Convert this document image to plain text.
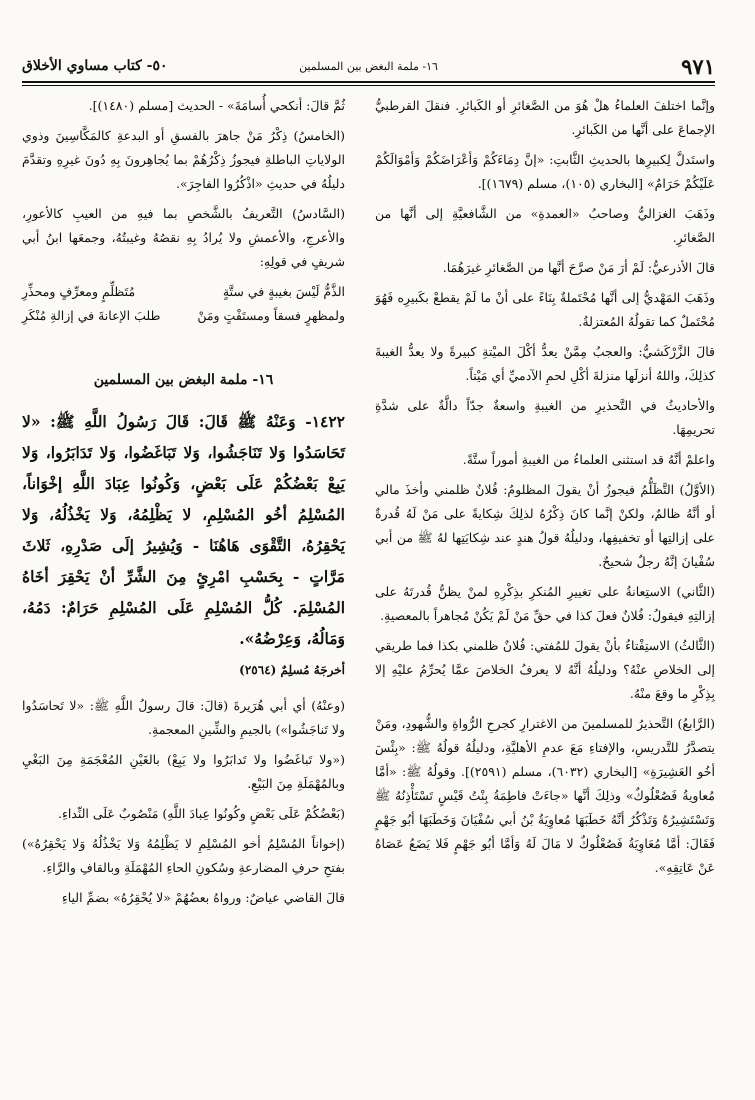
٩٧١
١٦- ملمة البغض بين المسلمين
٥٠- كتاب مساوي الأخلاق

وإنَّما اختلفَ العلماءُ هلْ هُوَ من الصَّغائرِ أو الكَبائرِ. فنقلَ القرطبيُّ الإجماعَ على أنَّها من الكَبائرِ.

واستَدلَّ لِكبيرِها بالحديثِ الثَّابتِ: «إنَّ دِمَاءَكُمْ وَأعْرَاضَكُمْ وَأمْوَالَكُمْ عَلَيْكُمْ حَرَامٌ» [البخاري (١٠٥)، مسلم (١٦٧٩)].

وذَهَبَ الغزاليُّ وصاحبُ «العمدةِ» من الشَّافعيَّةِ إلى أنَّها من الصَّغائرِ.

قالَ الأذرعيُّ: لَمْ أرَ مَنْ صرَّحَ أنَّها من الصَّغائرِ غيرَهُمَا.

وذَهَبَ المَهْديُّ إلى أنَّها مُحْتَملةٌ بِنَاءً على أنْ ما لَمْ يقطعْ بكَبيرِه فَهُوَ مُحْتَملٌ كما تقولُهُ المُعتزلةُ.

قالَ الزَّرْكَشيُّ: والعجبُ مِمَّنْ يعدُّ أكْلَ الميْتةِ كبيرةً ولا يعدُّ الغيبةَ كذلِكَ، واللهُ أنزلَها منزلةَ أكْلِ لحمِ الآدميِّ أي مَيْتاً.

والأحاديثُ في التَّحذيرِ من الغيبةِ واسعةٌ جدّاً دالَّةٌ على شدَّةِ تحريمِهَا.

واعلمْ أنَّهُ قد استثنى العلماءُ من الغيبةِ أموراً ستَّةً.

(الأوَّلُ) التَّظَلُّمُ فيجوزُ أنْ يقولَ المظلومُ: فُلانٌ ظلمني وأخذَ مالي أو أنَّهُ ظالمٌ، ولكنْ إنَّما كانَ ذِكْرُهُ لذلِكَ شِكايةً على مَنْ لَهُ قُدرةٌ على إزالتِها أو تخفيفِها، ودليلُهُ قولُ هندٍ عند شِكايَتِها لهُ ﷺ من أبي سُفْيانَ إنَّهُ رجلٌ شحيحٌ.

(الثَّاني) الاستِعانةُ على تغييرِ المُنكرِ بذِكْرِهِ لمنْ يظنُّ قُدرتَهُ على إزالتِهِ فيقولُ: فُلانٌ فعلَ كذا في حقِّ مَنْ لَمْ يَكُنْ مُجاهراً بالمعصيةِ.

(الثَّالثُ) الاستِفْتاءُ بأنْ يقولَ للمُفتي: فُلانٌ ظلمني بكذا فما طريقي إلى الخلاصِ عنْهُ؟ ودليلُهُ أنَّهُ لا يعرفُ الخلاصَ عمَّا يُحرِّمُ عليْهِ إلا بِذِكْرِ ما وقعَ منْهُ.

(الرَّابعُ) التَّحذيرُ للمسلمينَ من الاغترارِ كجرحِ الرُّواةِ والشُّهودِ، ومَنْ يتصدَّرُ للتَّدريسِ، والإفتاءِ مَعَ عدمِ الأهليَّةِ، ودليلُهُ قولُهُ ﷺ: «بِئْسَ أخُو العَشِيرَةِ» [البخاري (٦٠٣٢)، مسلم (٢٥٩١)]. وقولُهُ ﷺ: «أمَّا مُعاويةُ فَصُعْلُوكٌ» وذلِكَ أنَّها «جاءَتْ فاطِمَةُ بِنْتُ قَيْسٍ تَسْتَأْذِنُهُ ﷺ وَتَسْتَشِيرُهُ وَتَذْكُرُ أنَّهُ خَطَبَهَا مُعاوِيَةُ بْنُ أبي سُفْيَانَ وَخَطَبَهَا أبُو جَهْمٍ فَقَالَ: أمَّا مُعَاوِيَةُ فَصُعْلُوكٌ لا مَالَ لَهُ وَأمَّا أبُو جَهْمٍ فَلا يَضَعُ عَصَاهُ عَنْ عَاتِقِهِ».

ثُمَّ قالَ: أنكحي أُسامَةَ» - الحديث [مسلم (١٤٨٠)].

(الخامسُ) ذِكْرُ مَنْ جاهرَ بالفسقِ أو البدعةِ كالمَكَّاسِينَ وذوي الولاياتِ الباطلةِ فيجوزُ ذِكْرُهُمْ بما يُجاهِرونَ بِهِ دُونَ غيرِهِ وتقدَّمَ دليلُهُ في حديثِ «اذْكُرُوا الفاجِرَ».

(السَّادسُ) التَّعريفُ بالشَّخصِ بما فيهِ من العيبِ كالأعورِ، والأعرجِ، والأعمشِ ولا يُرادُ بِهِ نقصُهُ وغيبتُهُ، وجمعَها ابنُ أبي شريفٍ في قولِهِ:

الذَّمُّ لَيْسَ بغيبةٍ في ستَّةٍ
مُتَظلِّمٍ ومعرِّفٍ ومحذِّرِ
ولمظهرٍ فسقاً ومستَفْتٍ ومَنْ
طلبَ الإعانةَ في إزالةِ مُنْكَرِ
١٦- ملمة البغض بين المسلمين
١٤٢٢- وَعَنْهُ ﷺ قَالَ: قَالَ رَسُولُ اللَّهِ ﷺ: «لا تَحَاسَدُوا وَلا تَنَاجَشُوا، وَلا تَبَاغَضُوا، وَلا تَدَابَرُوا، وَلا يَبِعْ بَعْضُكُمْ عَلَى بَعْضٍ، وَكُونُوا عِبَادَ اللَّهِ إخْوَاناً، المُسْلِمُ أخُو المُسْلِمِ، لا يَظْلِمُهُ، وَلا يَخْذُلُهُ، وَلا يَحْقِرُهُ، التَّقْوَى هَاهُنَا - وَيُشِيرُ إلَى صَدْرِهِ، ثَلاثَ مَرَّاتٍ - بِحَسْبِ امْرِئٍ مِنَ الشَّرِّ أنْ يَحْقِرَ أخَاهُ المُسْلِمَ. كُلُّ المُسْلِمِ عَلَى المُسْلِمِ حَرَامٌ: دَمُهُ، وَمَالُهُ، وَعِرْضُهُ».
أخرجَهُ مُسلِمٌ (٢٥٦٤)

(وعنْهُ) أي أبي هُرَيرةَ (قالَ: قالَ رسولُ اللَّهِ ﷺ: «لا تَحاسَدُوا ولا تَناجَشُوا») بالجيمِ والشِّينِ المعجمةِ.

(«ولا تَباغَضُوا ولا تَدابَرُوا ولا يَبِعْ) بالغَيْنِ المُعْجَمَةِ مِنَ البَغْيِ وبالمُهْمَلَةِ مِنَ البَيْعِ.

(بَعْضُكُمْ عَلَى بَعْضٍ وكُونُوا عِبادَ اللَّهِ) مَنْصُوبٌ عَلَى النِّداءِ.

(إخواناً المُسْلِمُ أخو المُسْلِمِ لا يَظْلِمُهُ وَلا يَخْذُلُهُ وَلا يَحْقِرُهُ») بفتحِ حرفِ المضارعةِ وسُكونِ الحاءِ المُهْمَلَةِ وبالقافِ والرَّاءِ.

قالَ القاضي عياضٌ: ورواهُ بعضُهُمْ «لا يُحْقِرُهُ» بضمِّ الياءِ
